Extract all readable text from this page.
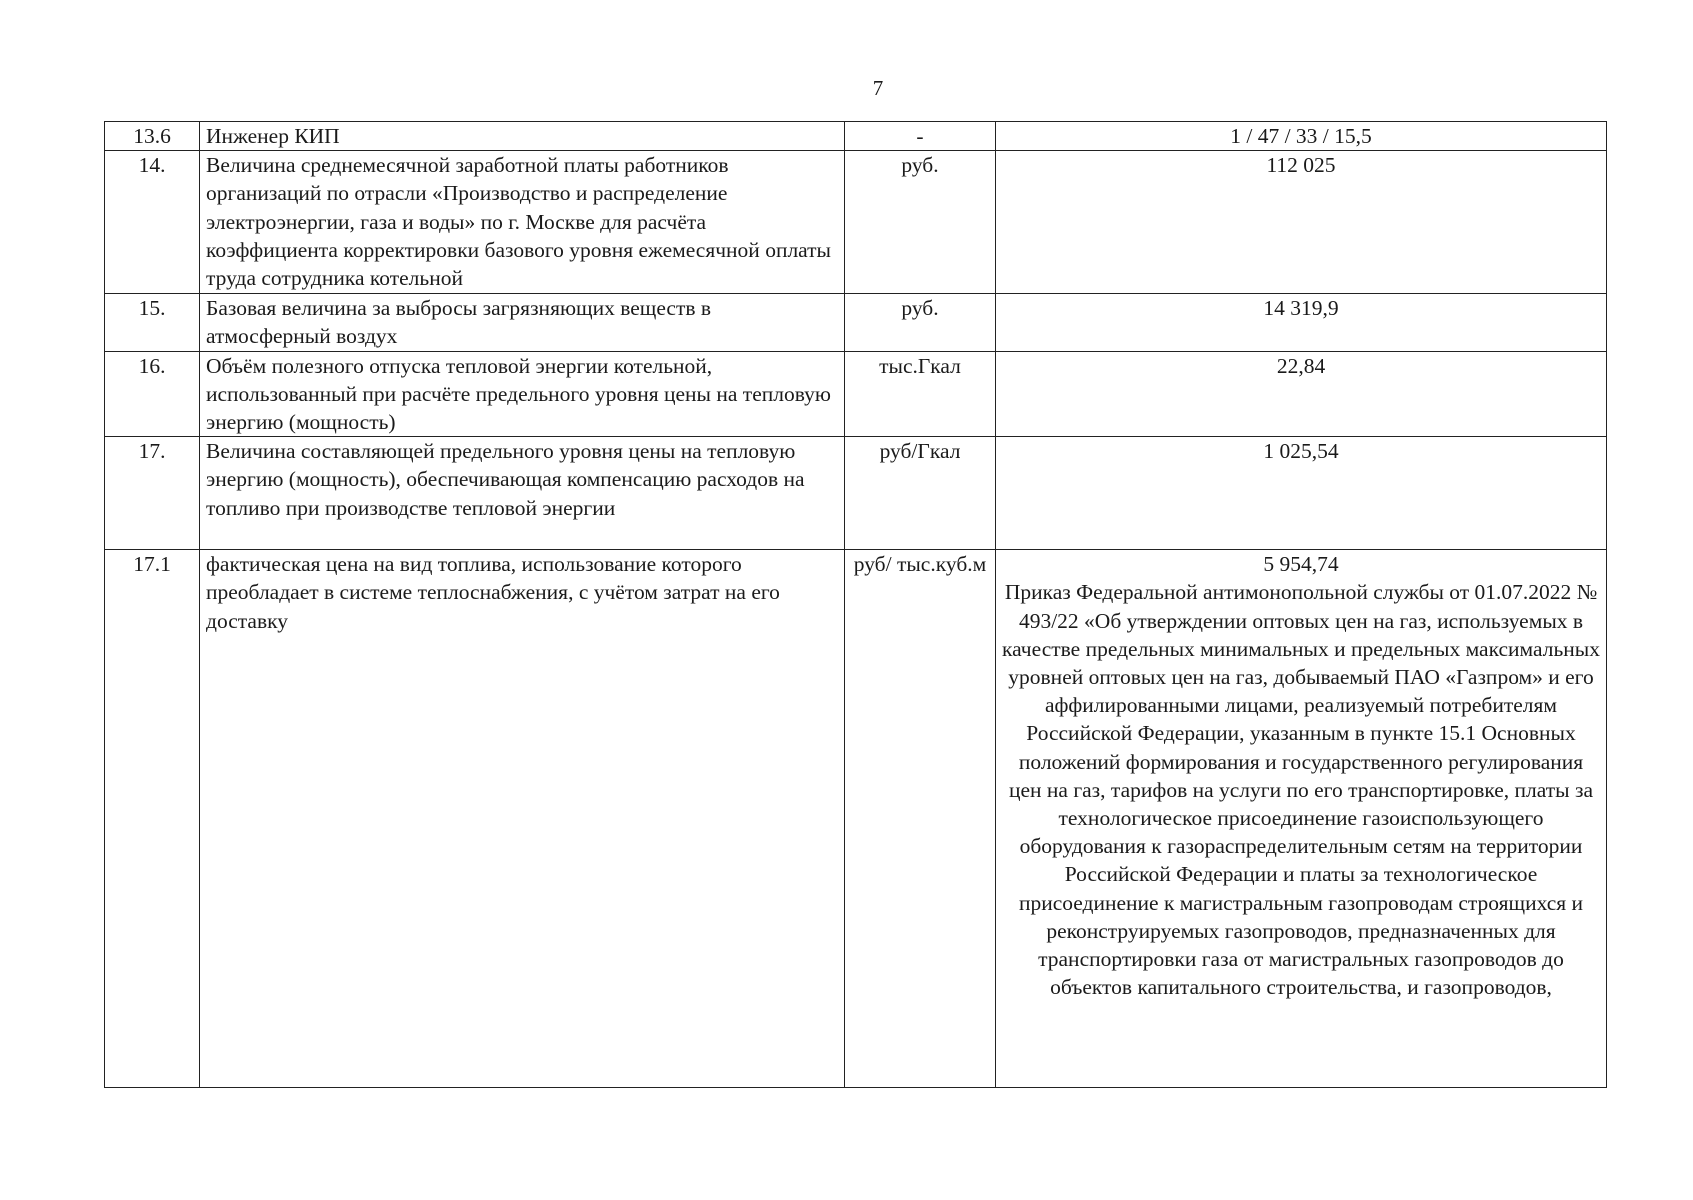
7
13.6	Инженер КИП	-	1 / 47 / 33 / 15,5
14.	Величина среднемесячной заработной платы работников организаций по отрасли «Производство и распределение электроэнергии, газа и воды» по г. Москве для расчёта коэффициента корректировки базового уровня ежемесячной оплаты труда сотрудника котельной	руб.	112 025
15.	Базовая величина за выбросы загрязняющих веществ в атмосферный воздух	руб.	14 319,9
16.	Объём полезного отпуска тепловой энергии котельной, использованный при расчёте предельного уровня цены на тепловую энергию (мощность)	тыс.Гкал	22,84
17.	Величина составляющей предельного уровня цены на тепловую энергию (мощность), обеспечивающая компенсацию расходов на топливо при производстве тепловой энергии	руб/Гкал	1 025,54
17.1	фактическая цена на вид топлива, использование которого преобладает в системе теплоснабжения, с учётом затрат на его доставку	руб/ тыс.куб.м	5 954,74
Приказ Федеральной антимонопольной службы от 01.07.2022 № 493/22 «Об утверждении оптовых цен на газ, используемых в качестве предельных минимальных и предельных максимальных уровней оптовых цен на газ, добываемый ПАО «Газпром» и его аффилированными лицами, реализуемый потребителям Российской Федерации, указанным в пункте 15.1 Основных положений формирования и государственного регулирования цен на газ, тарифов на услуги по его транспортировке, платы за технологическое присоединение газоиспользующего оборудования к газораспределительным сетям на территории Российской Федерации и платы за технологическое присоединение к магистральным газопроводам строящихся и реконструируемых газопроводов, предназначенных для транспортировки газа от магистральных газопроводов до объектов капитального строительства, и газопроводов,
